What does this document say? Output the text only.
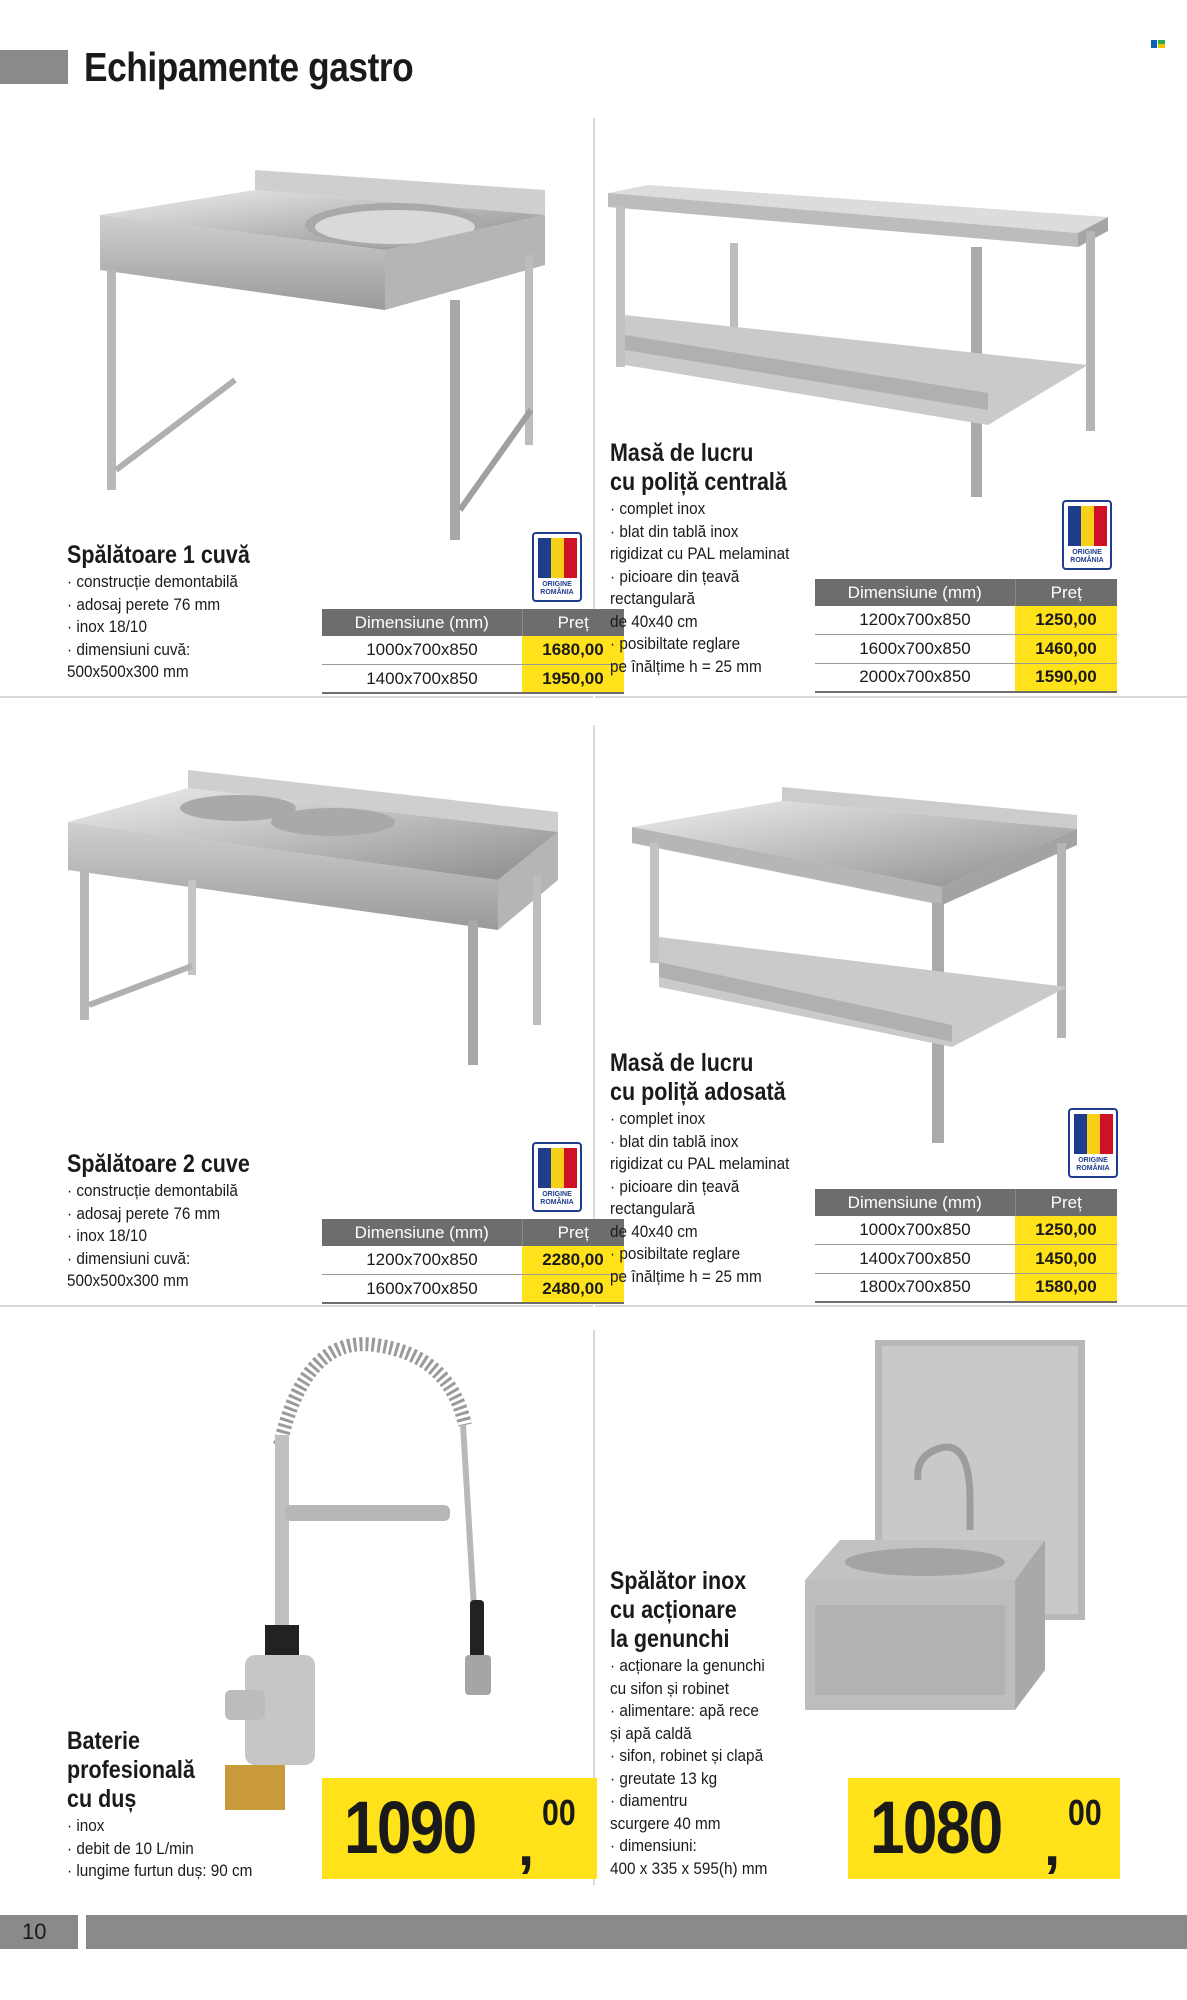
Echipamente gastro
Spălătoare 1 cuvă
· construcție demontabilă
· adosaj perete 76 mm
· inox 18/10
· dimensiuni cuvă:
500x500x300 mm
ORIGINE
ROMÂNIA
Dimensiune (mm)	Preț
1000x700x850	1680,00
1400x700x850	1950,00
Masă de lucru
cu poliță centrală
· complet inox
· blat din tablă inox
rigidizat cu PAL melaminat
· picioare din țeavă
rectangulară
de 40x40 cm
· posibiltate reglare
pe înălțime h = 25 mm
ORIGINE
ROMÂNIA
Dimensiune (mm)	Preț
1200x700x850	1250,00
1600x700x850	1460,00
2000x700x850	1590,00
Spălătoare 2 cuve
· construcție demontabilă
· adosaj perete 76 mm
· inox 18/10
· dimensiuni cuvă:
500x500x300 mm
ORIGINE
ROMÂNIA
Dimensiune (mm)	Preț
1200x700x850	2280,00
1600x700x850	2480,00
Masă de lucru
cu poliță adosată
· complet inox
· blat din tablă inox
rigidizat cu PAL melaminat
· picioare din țeavă
rectangulară
de 40x40 cm
· posibiltate reglare
pe înălțime h = 25 mm
ORIGINE
ROMÂNIA
Dimensiune (mm)	Preț
1000x700x850	1250,00
1400x700x850	1450,00
1800x700x850	1580,00
Baterie
profesională
cu duș
· inox
· debit de 10 L/min
· lungime furtun duș: 90 cm
1090 ,
00
Spălător inox
cu acționare
la genunchi
· acționare la genunchi
cu sifon și robinet
· alimentare: apă rece
și apă caldă
· sifon, robinet și clapă
· greutate 13 kg
· diamentru
scurgere 40 mm
· dimensiuni:
400 x 335 x 595(h) mm 1080 ,
00
10
